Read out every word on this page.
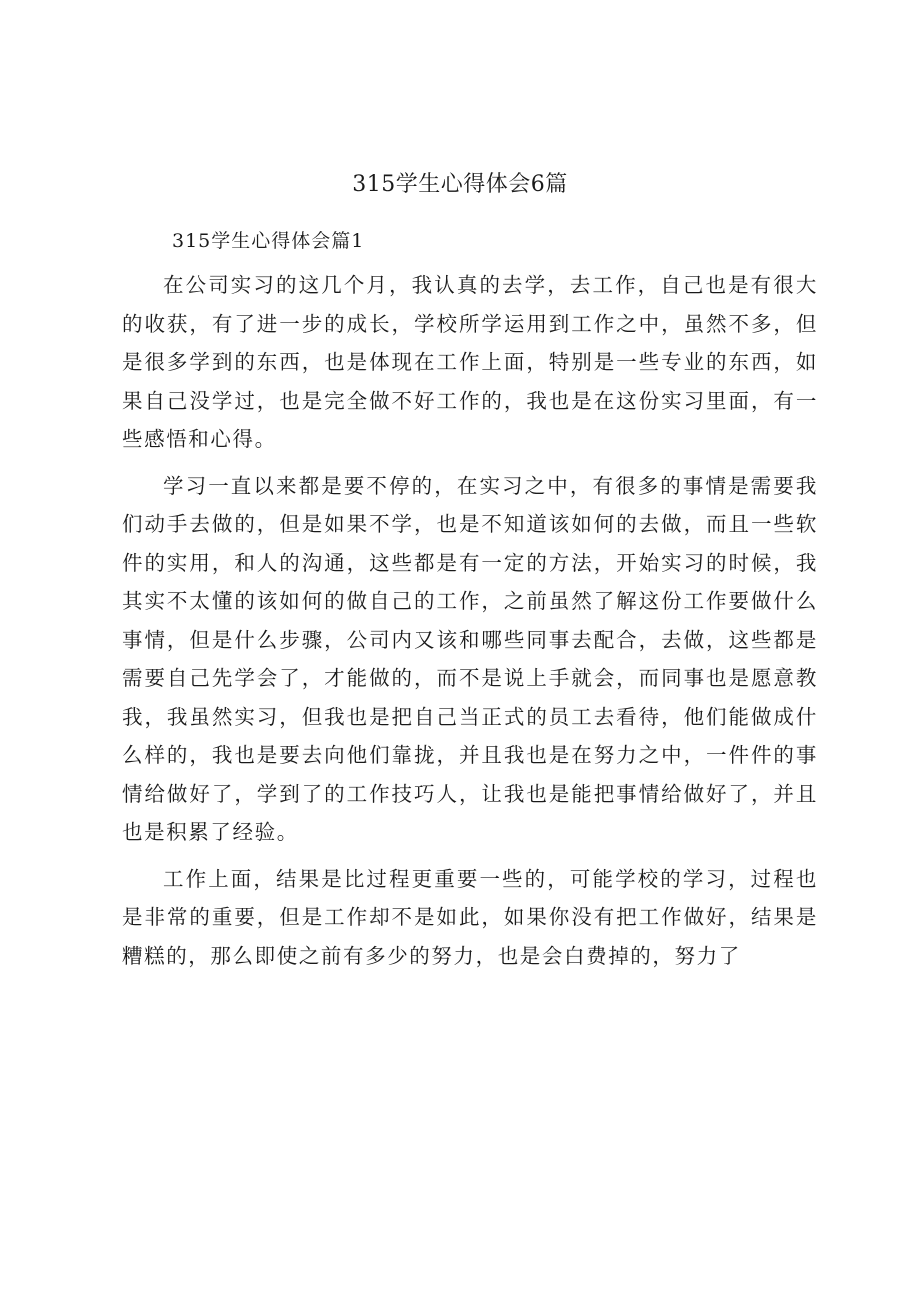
315学生心得体会6篇
315学生心得体会篇1

在公司实习的这几个月，我认真的去学，去工作，自己也是有很大的收获，有了进一步的成长，学校所学运用到工作之中，虽然不多，但是很多学到的东西，也是体现在工作上面，特别是一些专业的东西，如果自己没学过，也是完全做不好工作的，我也是在这份实习里面，有一些感悟和心得。

学习一直以来都是要不停的，在实习之中，有很多的事情是需要我们动手去做的，但是如果不学，也是不知道该如何的去做，而且一些软件的实用，和人的沟通，这些都是有一定的方法，开始实习的时候，我其实不太懂的该如何的做自己的工作，之前虽然了解这份工作要做什么事情，但是什么步骤，公司内又该和哪些同事去配合，去做，这些都是需要自己先学会了，才能做的，而不是说上手就会，而同事也是愿意教我，我虽然实习，但我也是把自己当正式的员工去看待，他们能做成什么样的，我也是要去向他们靠拢，并且我也是在努力之中，一件件的事情给做好了，学到了的工作技巧人，让我也是能把事情给做好了，并且也是积累了经验。

工作上面，结果是比过程更重要一些的，可能学校的学习，过程也是非常的重要，但是工作却不是如此，如果你没有把工作做好，结果是糟糕的，那么即使之前有多少的努力，也是会白费掉的，努力了
